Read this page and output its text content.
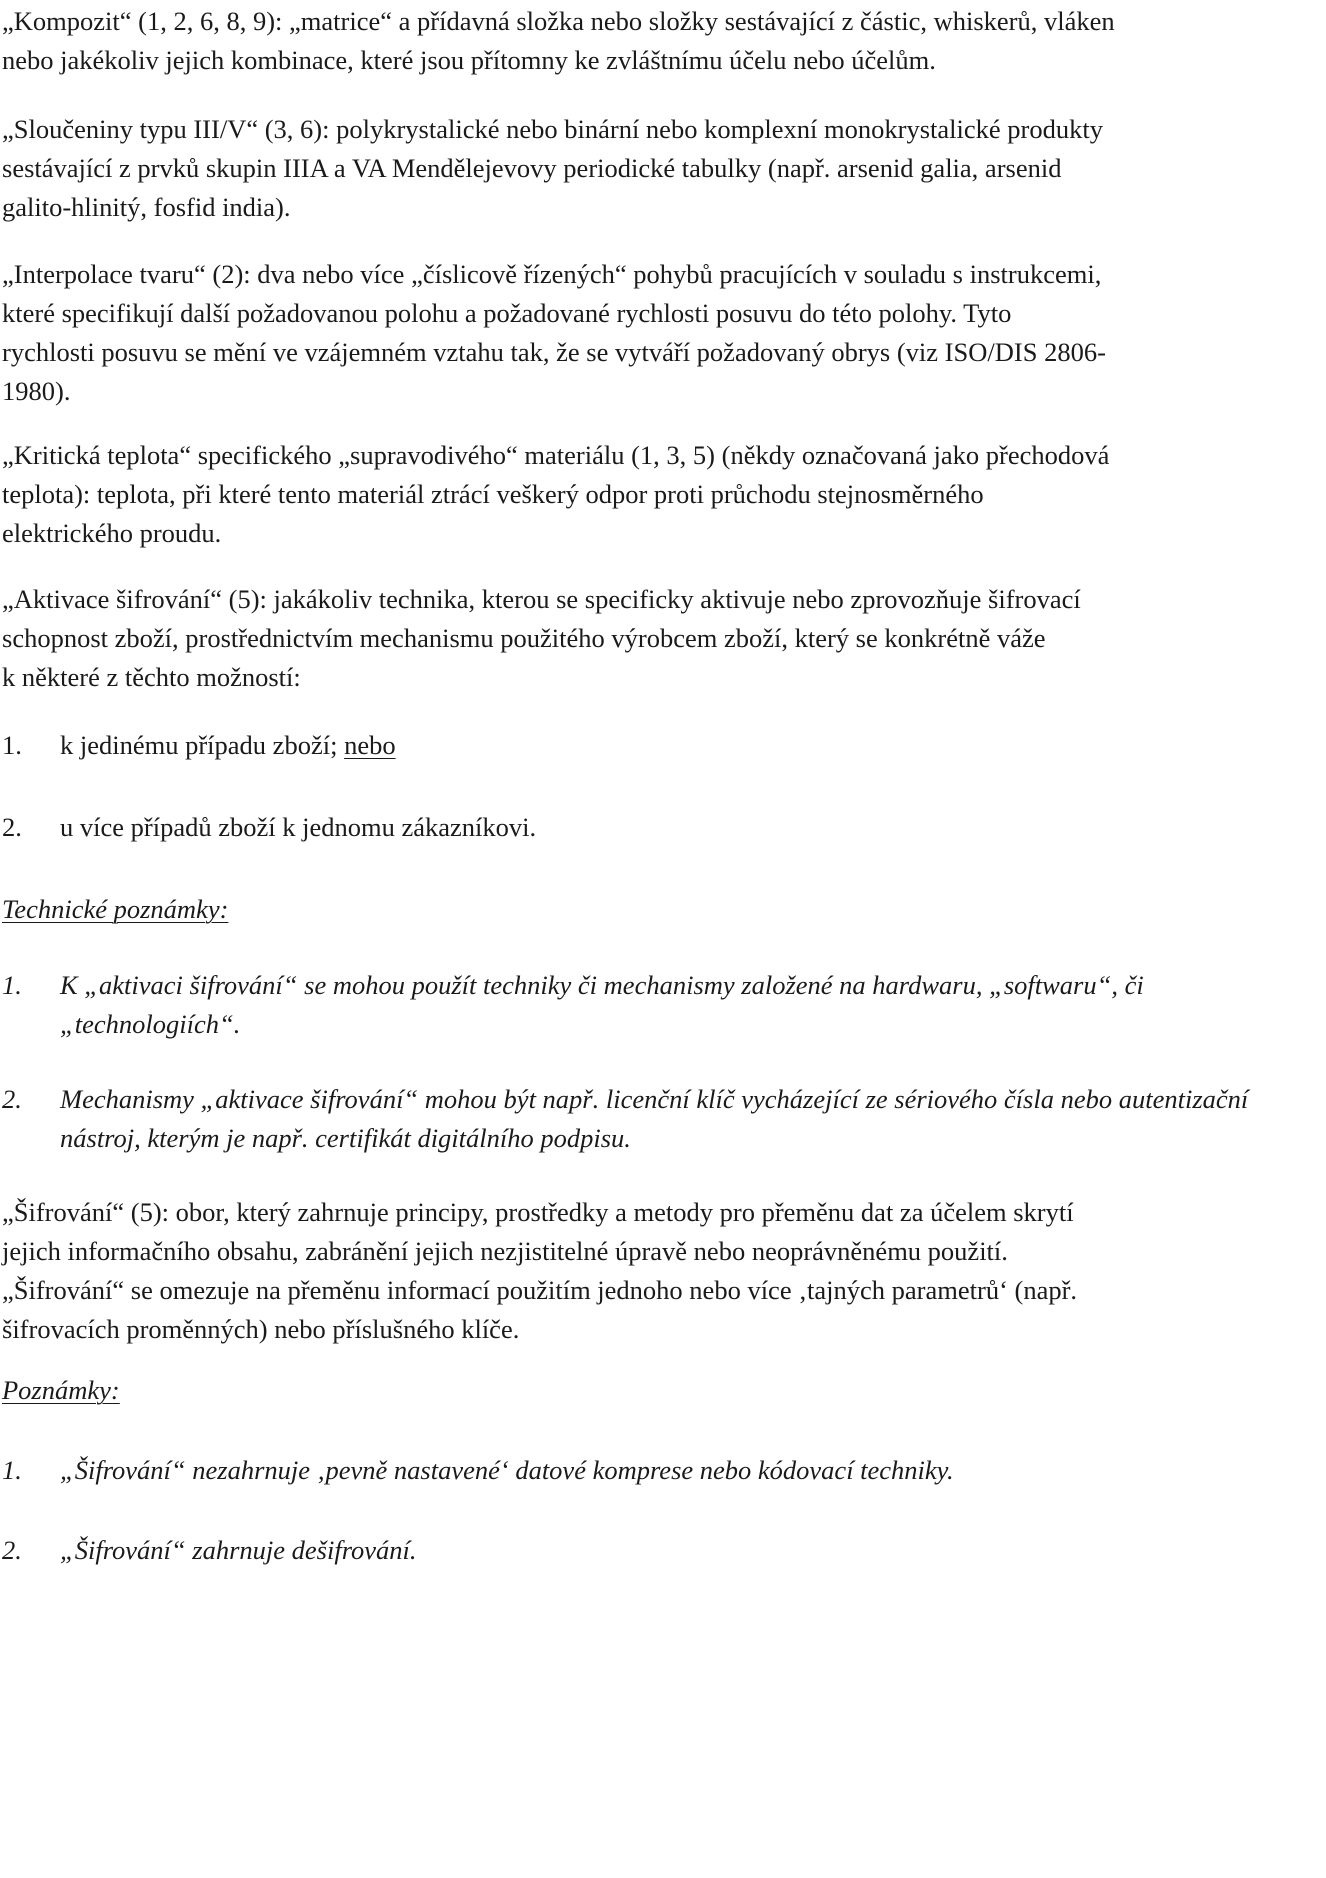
„Kompozit“ (1, 2, 6, 8, 9): „matrice“ a přídavná složka nebo složky sestávající z částic, whiskerů, vláken
nebo jakékoliv jejich kombinace, které jsou přítomny ke zvláštnímu účelu nebo účelům.
„Sloučeniny typu III/V“ (3, 6): polykrystalické nebo binární nebo komplexní monokrystalické produkty
sestávající z prvků skupin IIIA a VA Mendělejevovy periodické tabulky (např. arsenid galia, arsenid
galito-hlinitý, fosfid india).
„Interpolace tvaru“ (2): dva nebo více „číslicově řízených“ pohybů pracujících v souladu s instrukcemi,
které specifikují další požadovanou polohu a požadované rychlosti posuvu do této polohy. Tyto
rychlosti posuvu se mění ve vzájemném vztahu tak, že se vytváří požadovaný obrys (viz ISO/DIS 2806-
1980).
„Kritická teplota“ specifického „supravodivého“ materiálu (1, 3, 5) (někdy označovaná jako přechodová
teplota): teplota, při které tento materiál ztrácí veškerý odpor proti průchodu stejnosměrného
elektrického proudu.
„Aktivace šifrování“ (5): jakákoliv technika, kterou se specificky aktivuje nebo zprovozňuje šifrovací
schopnost zboží, prostřednictvím mechanismu použitého výrobcem zboží, který se konkrétně váže
k některé z těchto možností:
1. k jedinému případu zboží; nebo
2. u více případů zboží k jednomu zákazníkovi.
Technické poznámky:
1. K „aktivaci šifrování“ se mohou použít techniky či mechanismy založené na hardwaru, „softwaru“, či
„technologiích“.
2. Mechanismy „aktivace šifrování“ mohou být např. licenční klíč vycházející ze sériového čísla nebo autentizační
nástroj, kterým je např. certifikát digitálního podpisu.
„Šifrování“ (5): obor, který zahrnuje principy, prostředky a metody pro přeměnu dat za účelem skrytí
jejich informačního obsahu, zabránění jejich nezjistitelné úpravě nebo neoprávněnému použití.
„Šifrování“ se omezuje na přeměnu informací použitím jednoho nebo více ‚tajných parametrů‘ (např.
šifrovacích proměnných) nebo příslušného klíče.
Poznámky:
1. „Šifrování“ nezahrnuje ‚pevně nastavené‘ datové komprese nebo kódovací techniky.
2. „Šifrování“ zahrnuje dešifrování.
